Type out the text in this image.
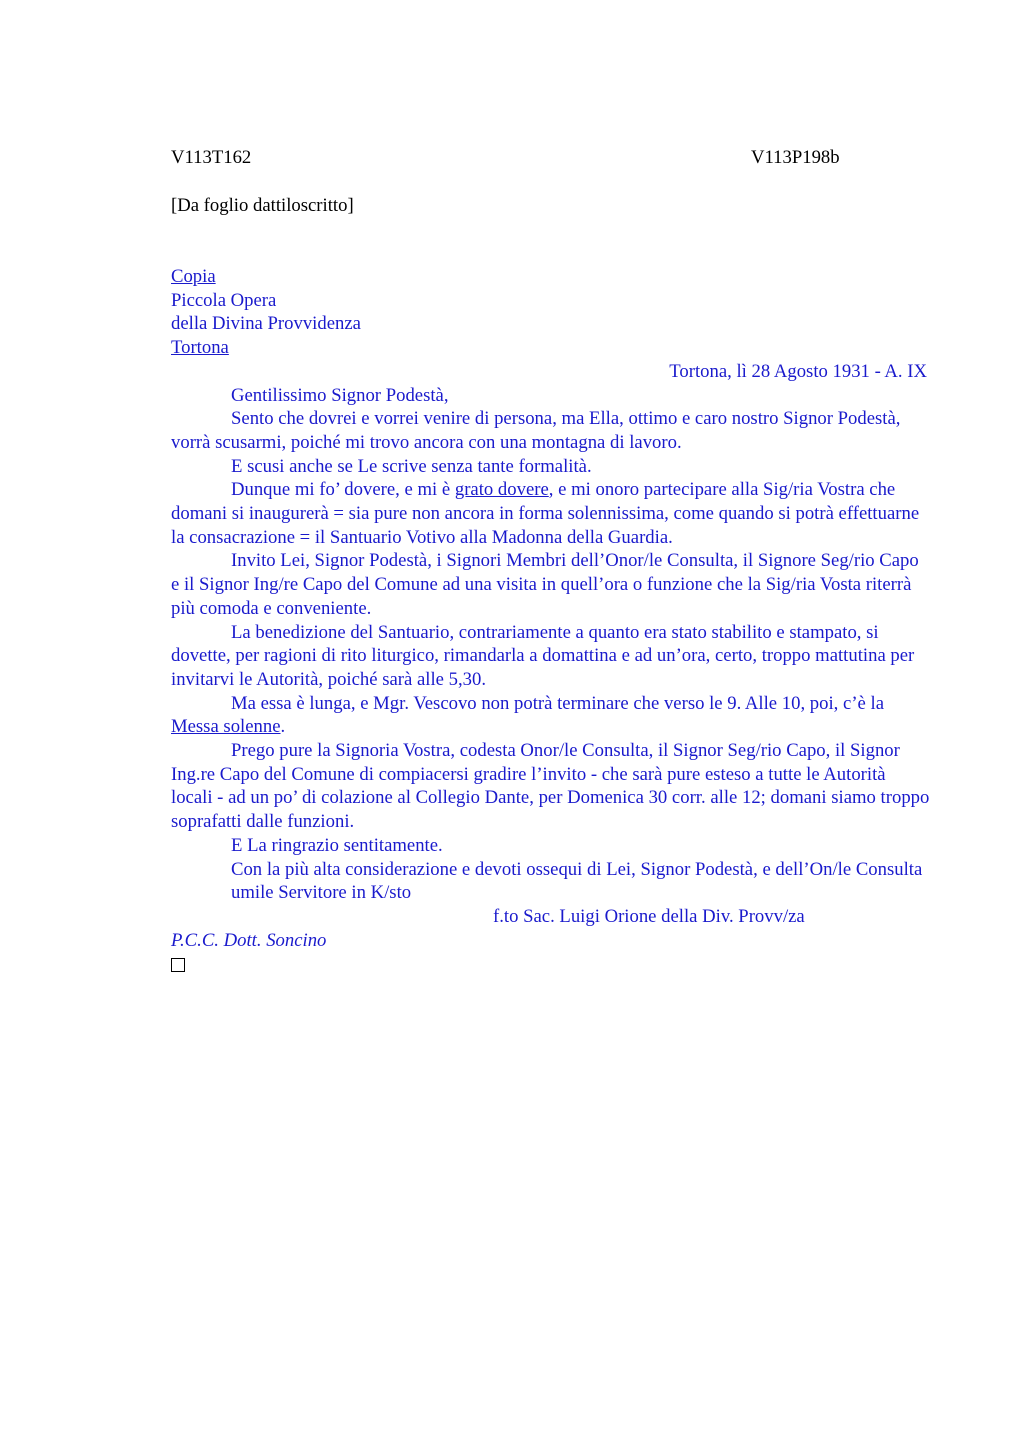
V113T162	V113P198b
[Da foglio dattiloscritto]

Copia

Piccola Opera

della Divina Provvidenza

Tortona

Tortona, lì 28 Agosto 1931 - A. IX

Gentilissimo Signor Podestà,

Sento che dovrei e vorrei venire di persona, ma Ella, ottimo e caro nostro Signor Podestà, vorrà scusarmi, poiché mi trovo ancora con una montagna di lavoro.

E scusi anche se Le scrive senza tante formalità.

Dunque mi fo’ dovere, e mi è grato dovere, e mi onoro partecipare alla Sig/ria Vostra che domani si inaugurerà = sia pure non ancora in forma solennissima, come quando si potrà effettuarne la consacrazione = il Santuario Votivo alla Madonna della Guardia.

Invito Lei, Signor Podestà, i Signori Membri dell’Onor/le Consulta, il Signore Seg/rio Capo e il Signor Ing/re Capo del Comune ad una visita in quell’ora o funzione che la Sig/ria Vosta riterrà più comoda e conveniente.

La benedizione del Santuario, contrariamente a quanto era stato stabilito e stampato, si dovette, per ragioni di rito liturgico, rimandarla a domattina e ad un’ora, certo, troppo mattutina per invitarvi le Autorità, poiché sarà alle 5,30.

Ma essa è lunga, e Mgr. Vescovo non potrà terminare che verso le 9. Alle 10, poi, c’è la Messa solenne.

Prego pure la Signoria Vostra, codesta Onor/le Consulta, il Signor Seg/rio Capo, il Signor Ing.re Capo del Comune di compiacersi gradire l’invito - che sarà pure esteso a tutte le Autorità locali - ad un po’ di colazione al Collegio Dante, per Domenica 30 corr. alle 12; domani siamo troppo soprafatti dalle funzioni.

E La ringrazio sentitamente.

Con la più alta considerazione e devoti ossequi di Lei, Signor Podestà, e dell’On/le Consulta

umile Servitore in K/sto

f.to Sac. Luigi Orione della Div. Provv/za

P.C.C. Dott. Soncino
